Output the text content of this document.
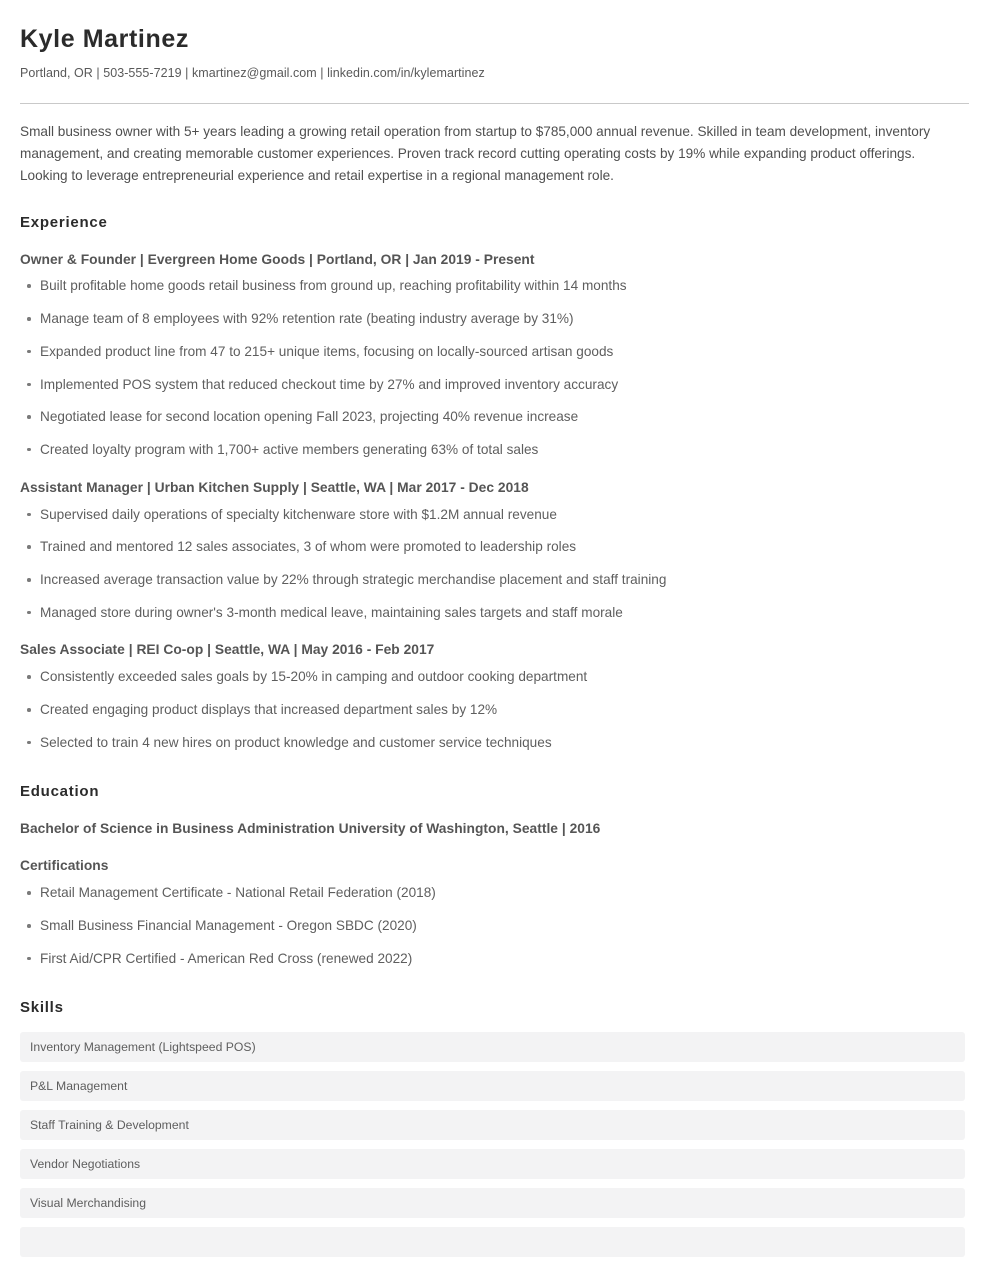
Kyle Martinez

Portland, OR | 503-555-7219 | kmartinez@gmail.com | linkedin.com/in/kylemartinez

Small business owner with 5+ years leading a growing retail operation from startup to $785,000 annual revenue. Skilled in team development, inventory management, and creating memorable customer experiences. Proven track record cutting operating costs by 19% while expanding product offerings. Looking to leverage entrepreneurial experience and retail expertise in a regional management role.

Experience
Owner & Founder | Evergreen Home Goods | Portland, OR | Jan 2019 - Present
Built profitable home goods retail business from ground up, reaching profitability within 14 months
Manage team of 8 employees with 92% retention rate (beating industry average by 31%)
Expanded product line from 47 to 215+ unique items, focusing on locally-sourced artisan goods
Implemented POS system that reduced checkout time by 27% and improved inventory accuracy
Negotiated lease for second location opening Fall 2023, projecting 40% revenue increase
Created loyalty program with 1,700+ active members generating 63% of total sales
Assistant Manager | Urban Kitchen Supply | Seattle, WA | Mar 2017 - Dec 2018
Supervised daily operations of specialty kitchenware store with $1.2M annual revenue
Trained and mentored 12 sales associates, 3 of whom were promoted to leadership roles
Increased average transaction value by 22% through strategic merchandise placement and staff training
Managed store during owner's 3-month medical leave, maintaining sales targets and staff morale
Sales Associate | REI Co-op | Seattle, WA | May 2016 - Feb 2017
Consistently exceeded sales goals by 15-20% in camping and outdoor cooking department
Created engaging product displays that increased department sales by 12%
Selected to train 4 new hires on product knowledge and customer service techniques
Education
Bachelor of Science in Business Administration University of Washington, Seattle | 2016
Certifications
Retail Management Certificate - National Retail Federation (2018)
Small Business Financial Management - Oregon SBDC (2020)
First Aid/CPR Certified - American Red Cross (renewed 2022)
Skills
Inventory Management (Lightspeed POS)
P&L Management
Staff Training & Development
Vendor Negotiations
Visual Merchandising
